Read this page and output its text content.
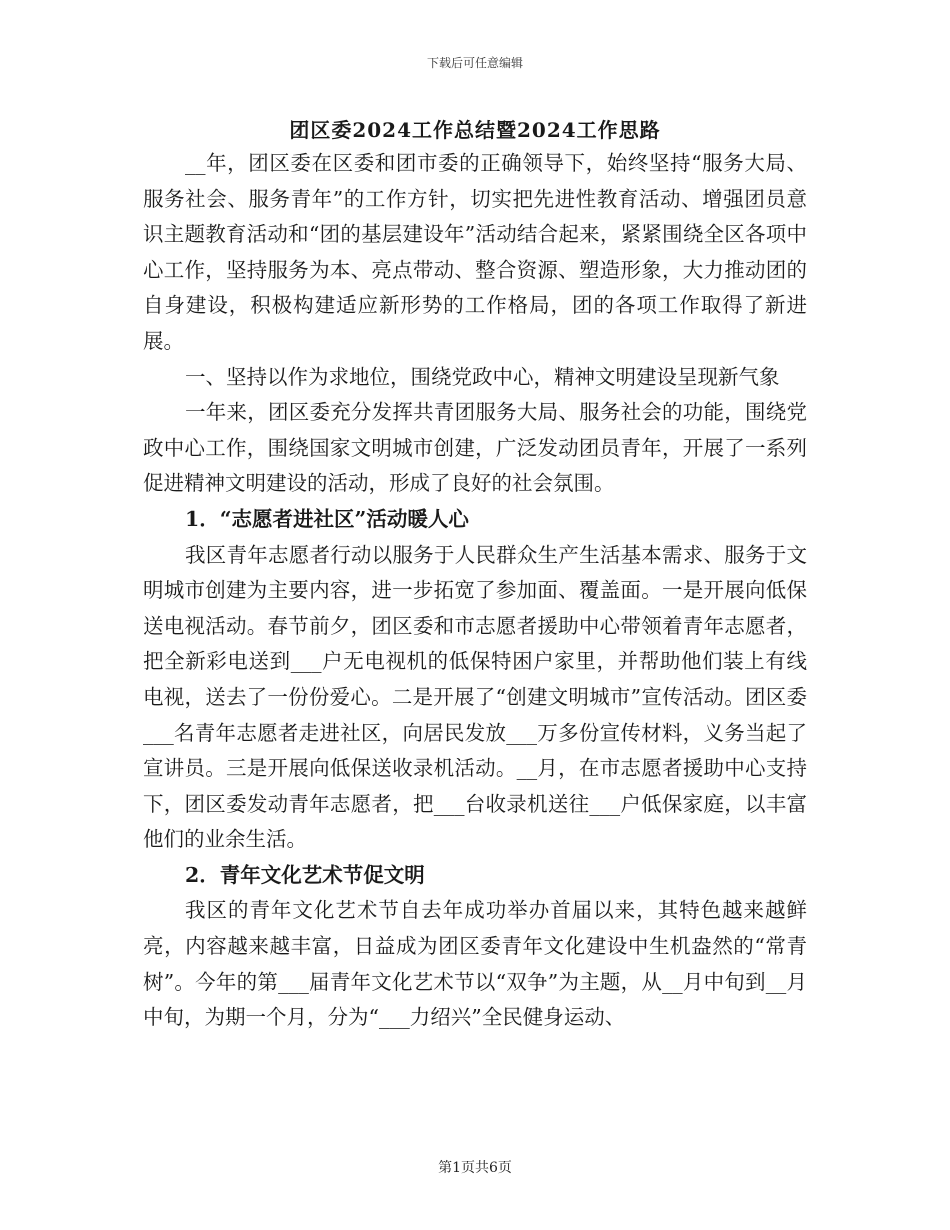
下载后可任意编辑
团区委2024工作总结暨2024工作思路

__年，团区委在区委和团市委的正确领导下，始终坚持“服务大局、服务社会、服务青年”的工作方针，切实把先进性教育活动、增强团员意识主题教育活动和“团的基层建设年”活动结合起来，紧紧围绕全区各项中心工作，坚持服务为本、亮点带动、整合资源、塑造形象，大力推动团的自身建设，积极构建适应新形势的工作格局，团的各项工作取得了新进展。

一、坚持以作为求地位，围绕党政中心，精神文明建设呈现新气象

一年来，团区委充分发挥共青团服务大局、服务社会的功能，围绕党政中心工作，围绕国家文明城市创建，广泛发动团员青年，开展了一系列促进精神文明建设的活动，形成了良好的社会氛围。

1．“志愿者进社区”活动暖人心

我区青年志愿者行动以服务于人民群众生产生活基本需求、服务于文明城市创建为主要内容，进一步拓宽了参加面、覆盖面。一是开展向低保送电视活动。春节前夕，团区委和市志愿者援助中心带领着青年志愿者，把全新彩电送到___户无电视机的低保特困户家里，并帮助他们装上有线电视，送去了一份份爱心。二是开展了“创建文明城市”宣传活动。团区委___名青年志愿者走进社区，向居民发放___万多份宣传材料，义务当起了宣讲员。三是开展向低保送收录机活动。__月，在市志愿者援助中心支持下，团区委发动青年志愿者，把___台收录机送往___户低保家庭，以丰富他们的业余生活。

2．青年文化艺术节促文明

我区的青年文化艺术节自去年成功举办首届以来，其特色越来越鲜亮，内容越来越丰富，日益成为团区委青年文化建设中生机盎然的“常青树”。今年的第___届青年文化艺术节以“双争”为主题，从__月中旬到__月中旬，为期一个月，分为“___力绍兴”全民健身运动、

第1页共6页
